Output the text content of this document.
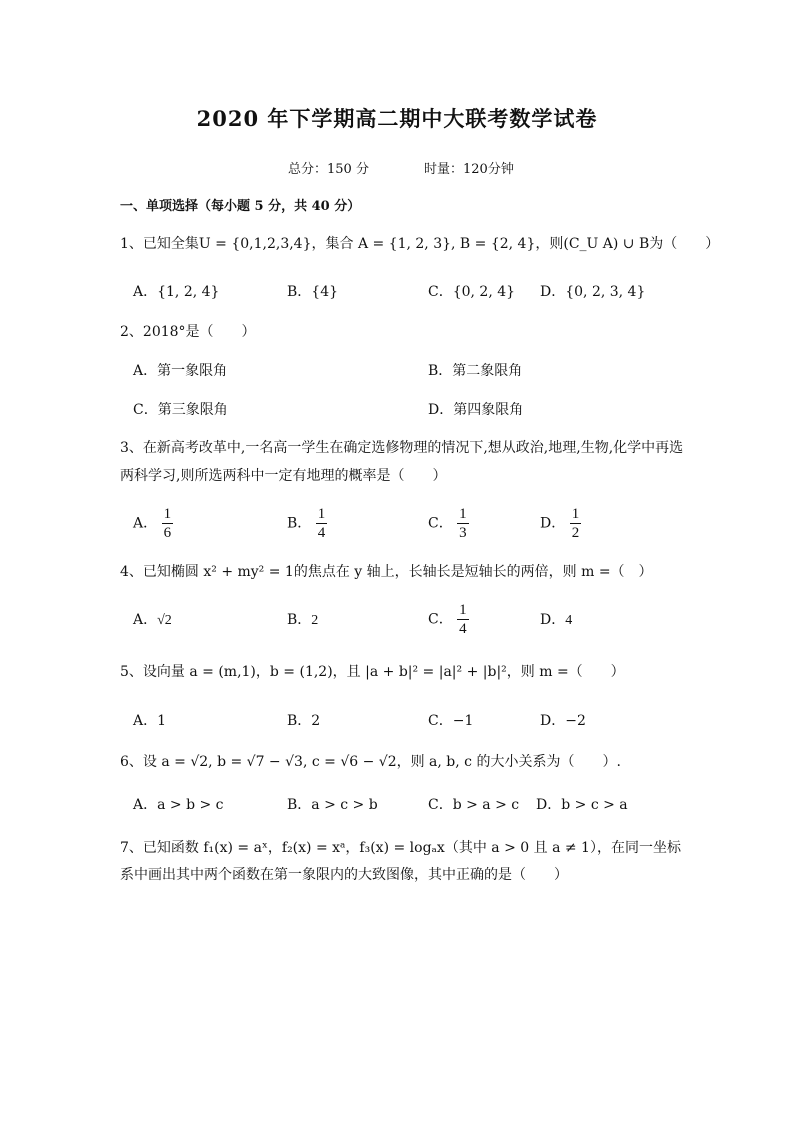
2020 年下学期高二期中大联考数学试卷
总分：150 分	时量：120分钟
一、单项选择（每小题 5 分，共 40 分）
1、已知全集U = {0,1,2,3,4}，集合 A = {1, 2, 3}, B = {2, 4}，则(C_U A) ∪ B为（　　）
A．{1, 2, 4}	B．{4}	C．{0, 2, 4} D．{0, 2, 3, 4}
2、2018°是（　　）
A．第一象限角	B．第二象限角
C．第三象限角	D．第四象限角
3、在新高考改革中,一名高一学生在确定选修物理的情况下,想从政治,地理,生物,化学中再选
两科学习,则所选两科中一定有地理的概率是（　　）
A． $\frac{1}{6}$	B． $\frac{1}{4}$	C． $\frac{1}{3}$	D． $\frac{1}{2}$
4、已知椭圆 x² + my² = 1的焦点在 y 轴上，长轴长是短轴长的两倍，则 m =（　）
A．√2	B．2	C． $\frac{1}{4}$	D．4
5、设向量 a = (m,1)，b = (1,2)，且 |a + b|² = |a|² + |b|²，则 m =（　　）
A．1	B．2	C．−1	D．−2
6、设 a = √2, b = √7 − √3, c = √6 − √2，则 a, b, c 的大小关系为（　　）.
A．a > b > c	B．a > c > b	C．b > a > c D．b > c > a
7、已知函数 f₁(x) = aˣ，f₂(x) = xᵃ，f₃(x) = logₐx（其中 a > 0 且 a ≠ 1），在同一坐标
系中画出其中两个函数在第一象限内的大致图像，其中正确的是（　　）
